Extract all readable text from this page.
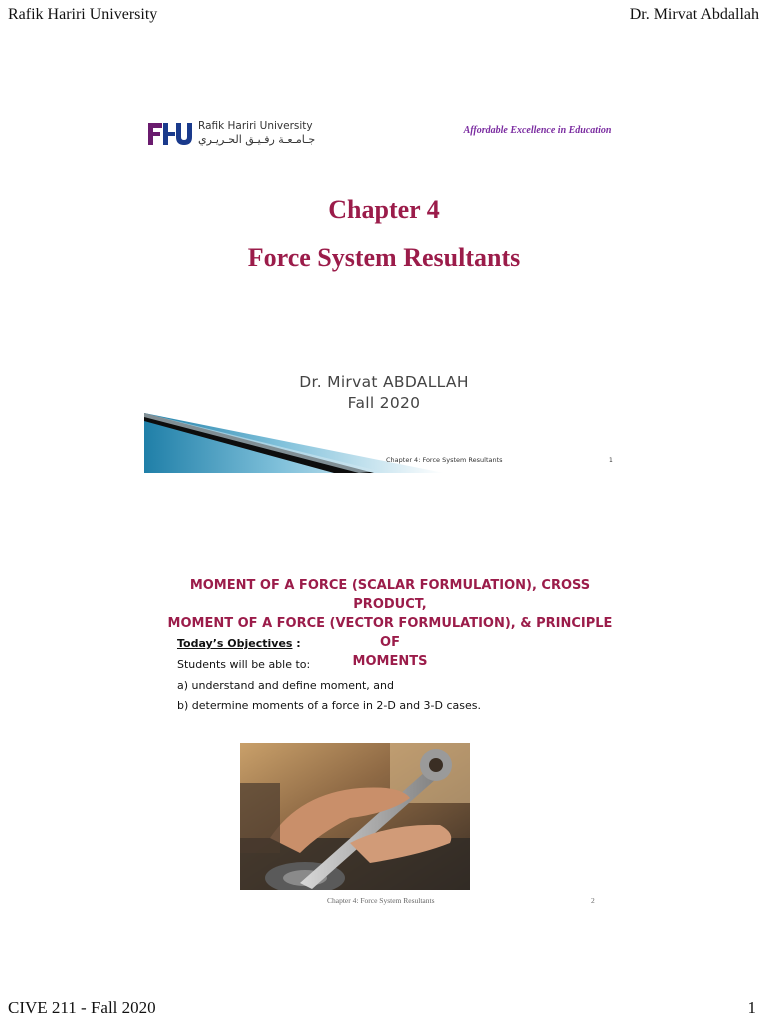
Rafik Hariri University	Dr. Mirvat Abdallah
Rafik Hariri University
جـامـعـة رفـيـق الحـريـري
Affordable Excellence in Education
Chapter 4
Force System Resultants
Dr. Mirvat ABDALLAH
Fall 2020
Chapter 4: Force System Resultants	1
MOMENT OF A FORCE (SCALAR FORMULATION), CROSS PRODUCT,
MOMENT OF A FORCE (VECTOR FORMULATION), & PRINCIPLE OF
MOMENTS
Today’s Objectives :
Students will be able to:
a) understand and define moment, and
b) determine moments of a force in 2-D and 3-D cases.
Chapter 4: Force System Resultants	2
CIVE 211 - Fall 2020	1
